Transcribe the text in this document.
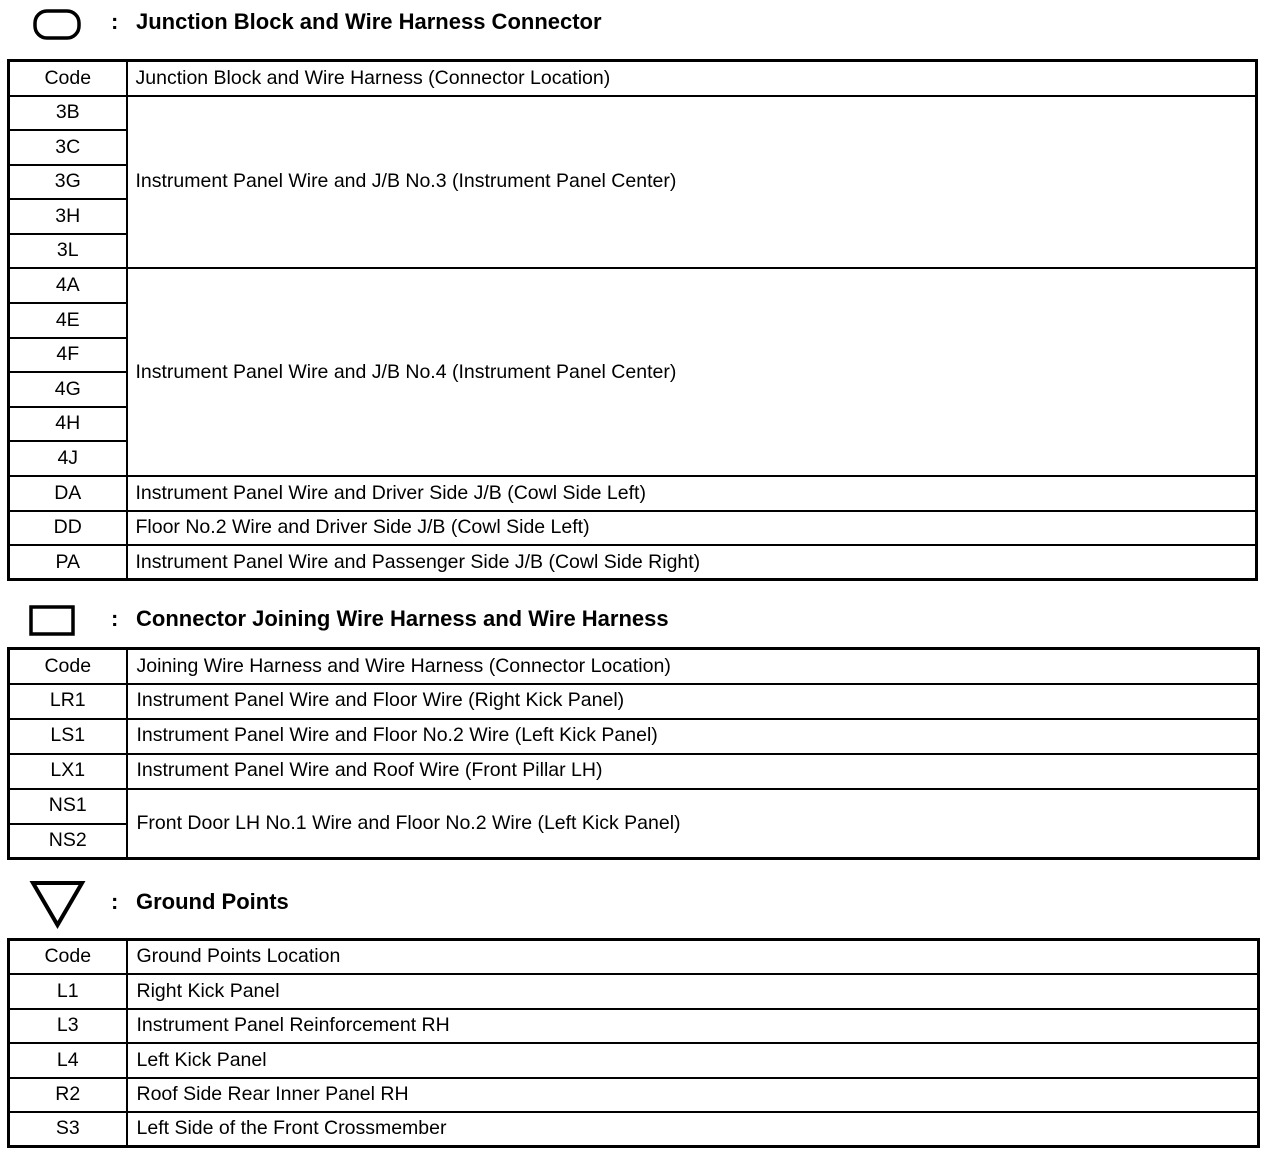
: Junction Block and Wire Harness Connector
Code	Junction Block and Wire Harness (Connector Location)
3B	Instrument Panel Wire and J/B No.3 (Instrument Panel Center)
3C	
3G	
3H	
3L	
4A	Instrument Panel Wire and J/B No.4 (Instrument Panel Center)
4E	
4F	
4G	
4H	
4J	
DA	Instrument Panel Wire and Driver Side J/B (Cowl Side Left)
DD	Floor No.2 Wire and Driver Side J/B (Cowl Side Left)
PA	Instrument Panel Wire and Passenger Side J/B (Cowl Side Right)
: Connector Joining Wire Harness and Wire Harness
Code	Joining Wire Harness and Wire Harness (Connector Location)
LR1	Instrument Panel Wire and Floor Wire (Right Kick Panel)
LS1	Instrument Panel Wire and Floor No.2 Wire (Left Kick Panel)
LX1	Instrument Panel Wire and Roof Wire (Front Pillar LH)
NS1	Front Door LH No.1 Wire and Floor No.2 Wire (Left Kick Panel)
NS2	
: Ground Points
Code	Ground Points Location
L1	Right Kick Panel
L3	Instrument Panel Reinforcement RH
L4	Left Kick Panel
R2	Roof Side Rear Inner Panel RH
S3	Left Side of the Front Crossmember
